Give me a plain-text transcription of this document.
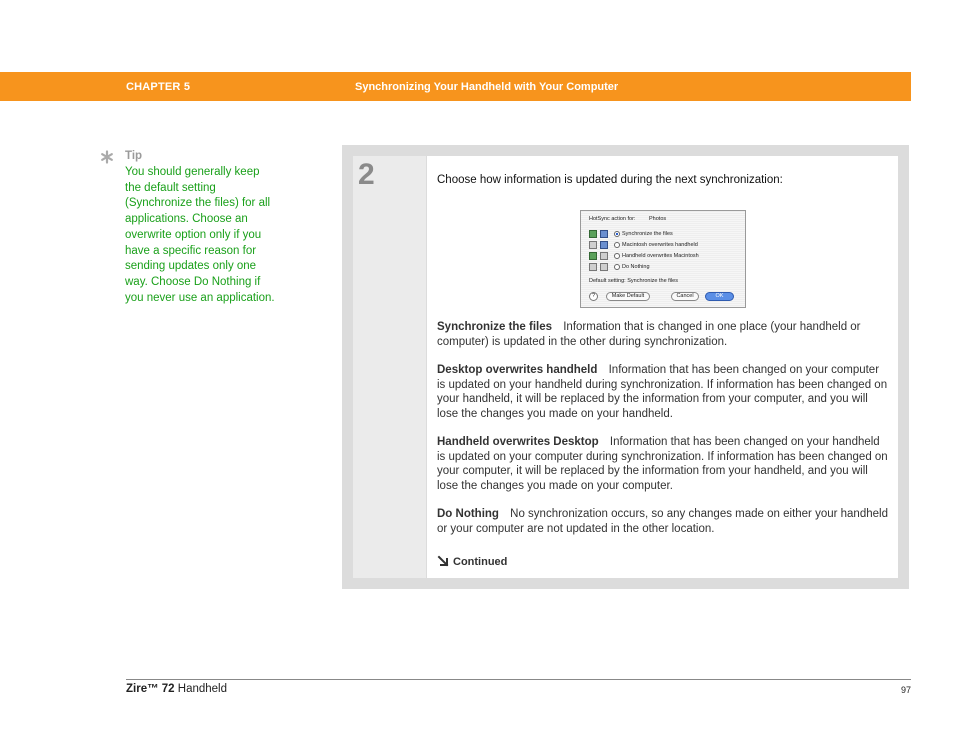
CHAPTER 5	Synchronizing Your Handheld with Your Computer
Tip
You should generally keep the default setting (Synchronize the files) for all applications. Choose an overwrite option only if you have a specific reason for sending updates only one way. Choose Do Nothing if you never use an application.
2	Choose how information is updated during the next synchronization:
HotSync action for: Photos
Synchronize the files
Macintosh overwrites handheld
Handheld overwrites Macintosh
Do Nothing
Default setting: Synchronize the files
?	Make Default	Cancel	OK

Synchronize the files Information that is changed in one place (your handheld or computer) is updated in the other during synchronization.

Desktop overwrites handheld Information that has been changed on your computer is updated on your handheld during synchronization. If information has been changed on your handheld, it will be replaced by the information from your computer, and you will lose the changes you made on your handheld.

Handheld overwrites Desktop Information that has been changed on your handheld is updated on your computer during synchronization. If information has been changed on your computer, it will be replaced by the information from your handheld, and you will lose the changes you made on your computer.

Do Nothing No synchronization occurs, so any changes made on either your handheld or your computer are not updated in the other location.

Continued
Zire™ 72 Handheld	97
